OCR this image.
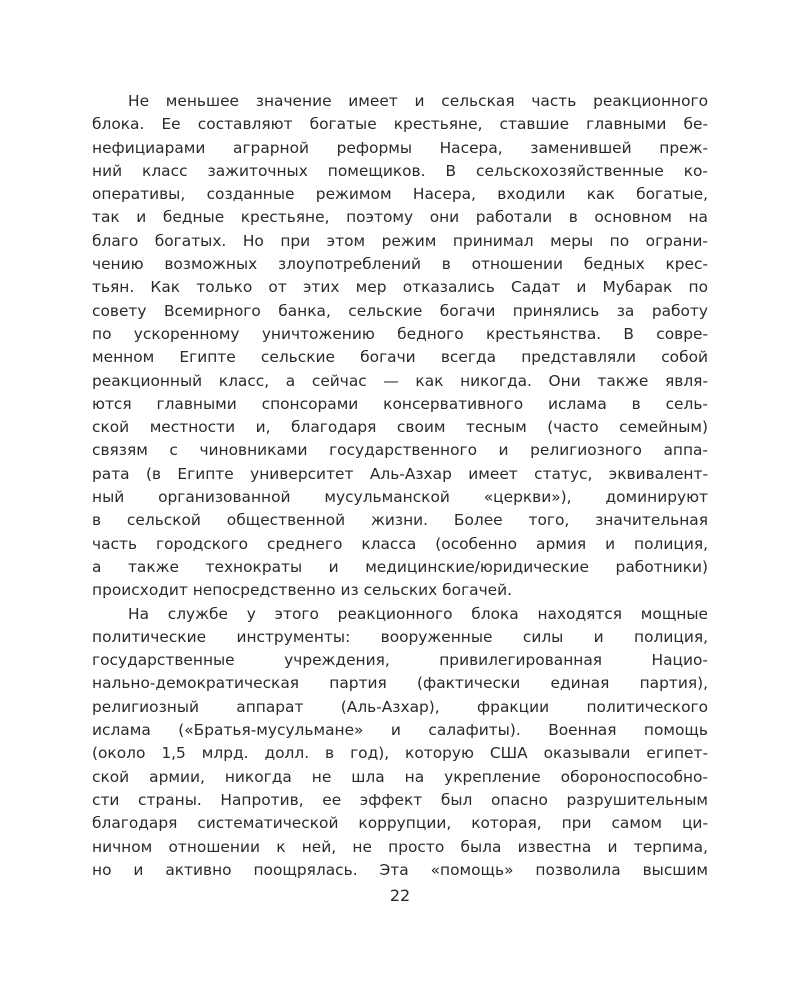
Не меньшее значение имеет и сельская часть реакционного
блока. Ее составляют богатые крестьяне, ставшие главными бе-
нефициарами аграрной реформы Насера, заменившей преж-
ний класс зажиточных помещиков. В сельскохозяйственные ко-
оперативы, созданные режимом Насера, входили как богатые,
так и бедные крестьяне, поэтому они работали в основном на
благо богатых. Но при этом режим принимал меры по ограни-
чению возможных злоупотреблений в отношении бедных крес-
тьян. Как только от этих мер отказались Садат и Мубарак по
совету Всемирного банка, сельские богачи принялись за работу
по ускоренному уничтожению бедного крестьянства. В совре-
менном Египте сельские богачи всегда представляли собой
реакционный класс, а сейчас — как никогда. Они также явля-
ются главными спонсорами консервативного ислама в сель-
ской местности и, благодаря своим тесным (часто семейным)
связям с чиновниками государственного и религиозного аппа-
рата (в Египте университет Аль-Азхар имеет статус, эквивалент-
ный организованной мусульманской «церкви»), доминируют
в сельской общественной жизни. Более того, значительная
часть городского среднего класса (особенно армия и полиция,
а также технократы и медицинские/юридические работники)
происходит непосредственно из сельских богачей.
На службе у этого реакционного блока находятся мощные
политические инструменты: вооруженные силы и полиция,
государственные учреждения, привилегированная Нацио-
нально-демократическая партия (фактически единая партия),
религиозный аппарат (Аль-Азхар), фракции политического
ислама («Братья-мусульмане» и салафиты). Военная помощь
(около 1,5 млрд. долл. в год), которую США оказывали египет-
ской армии, никогда не шла на укрепление обороноспособно-
сти страны. Напротив, ее эффект был опасно разрушительным
благодаря систематической коррупции, которая, при самом ци-
ничном отношении к ней, не просто была известна и терпима,
но и активно поощрялась. Эта «помощь» позволила высшим
22
